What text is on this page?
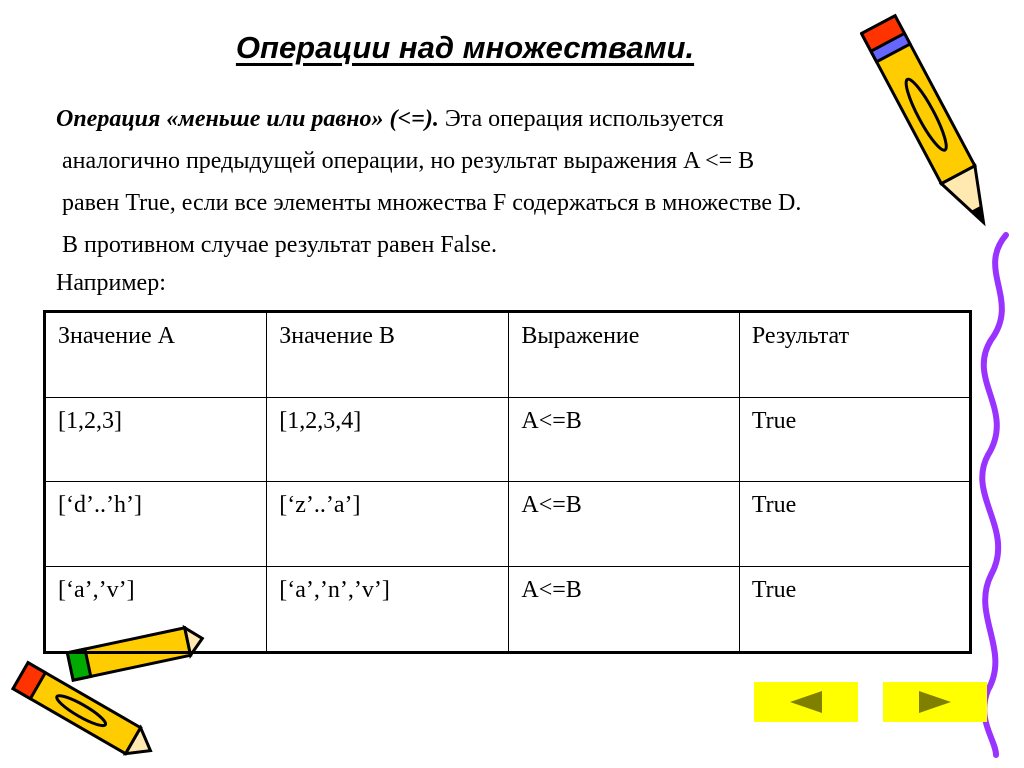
Операции над множествами.
Операция «меньше или равно» (<=). Эта операция используется
аналогично предыдущей операции, но результат выражения A <= B
равен True, если все элементы множества F содержаться в множестве D.
В противном случае результат равен False.
Например:
Значение А	Значение В	Выражение	Результат
[1,2,3]	[1,2,3,4]	A<=B	True
[‘d’..’h’]	[‘z’..’a’]	A<=B	True
[‘a’,’v’]	[‘a’,’n’,’v’]	A<=B	True
